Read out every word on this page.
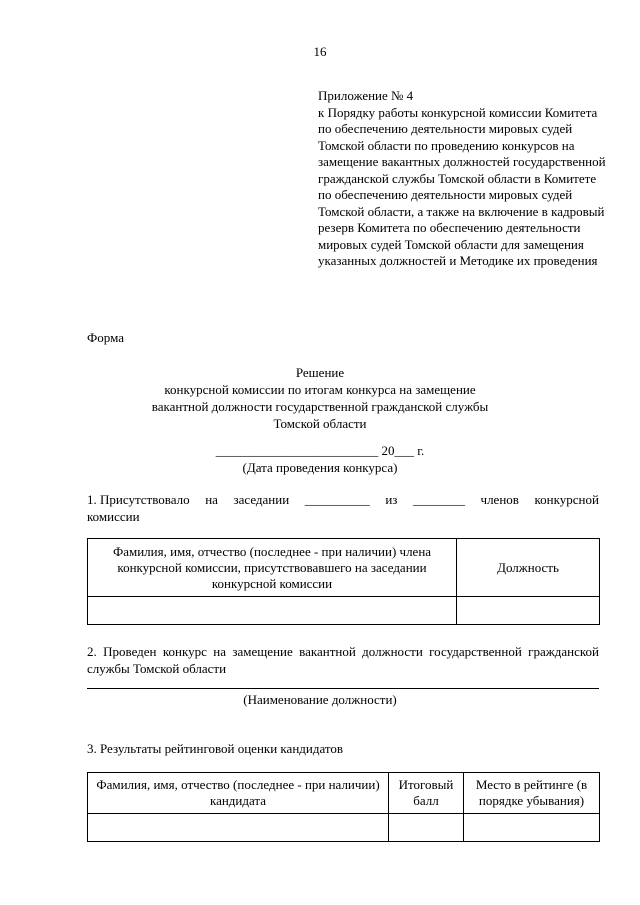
16
Приложение № 4
к Порядку работы конкурсной комиссии Комитета по обеспечению деятельности мировых судей Томской области по проведению конкурсов на замещение вакантных должностей государственной гражданской службы Томской области в Комитете по обеспечению деятельности мировых судей Томской области, а также на включение в кадровый резерв Комитета по обеспечению деятельности мировых судей Томской области для замещения указанных должностей и Методике их проведения
Форма
Решение
конкурсной комиссии по итогам конкурса на замещение
вакантной должности государственной гражданской службы
Томской области
_________________________ 20___ г.
(Дата проведения конкурса)
1. Присутствовало на заседании __________ из ________ членов конкурсной
комиссии
Фамилия, имя, отчество (последнее - при наличии) члена конкурсной комиссии, присутствовавшего на заседании конкурсной комиссии	Должность

2. Проведен конкурс на замещение вакантной должности государственной гражданской службы Томской области
(Наименование должности)
3. Результаты рейтинговой оценки кандидатов
Фамилия, имя, отчество (последнее - при наличии) кандидата	Итоговый балл	Место в рейтинге (в порядке убывания)
